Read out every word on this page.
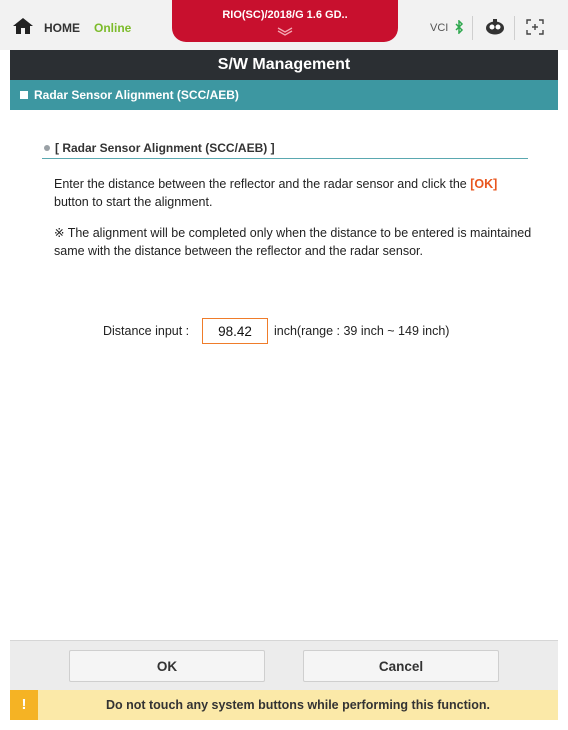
HOME Online
RIO(SC)/2018/G 1.6 GD..
VCI
S/W Management
Radar Sensor Alignment (SCC/AEB)
[ Radar Sensor Alignment (SCC/AEB) ]
Enter the distance between the reflector and the radar sensor and click the [OK] button to start the alignment.
※ The alignment will be completed only when the distance to be entered is maintained same with the distance between the reflector and the radar sensor.
Distance input :
98.42	inch(range : 39 inch ~ 149 inch)
OK	Cancel
!	Do not touch any system buttons while performing this function.
